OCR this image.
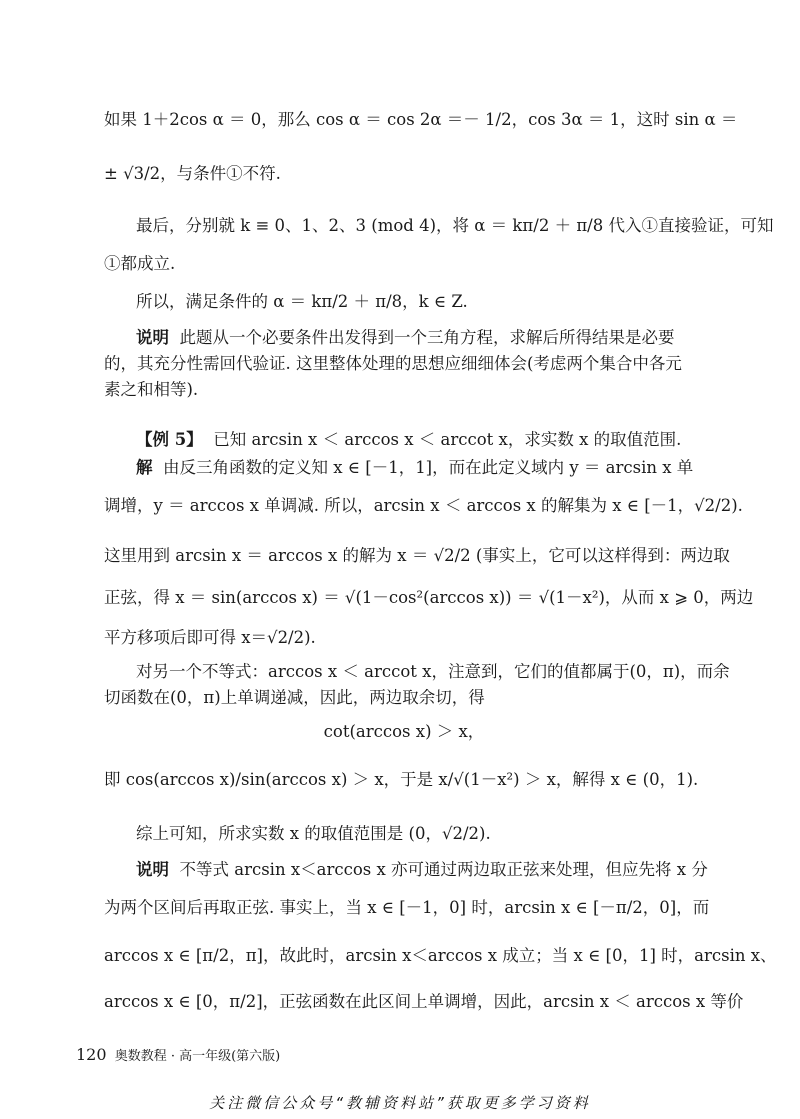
如果 1＋2cos α ＝ 0，那么 cos α ＝ cos 2α ＝－ 1/2，cos 3α ＝ 1，这时 sin α ＝
± √3/2，与条件①不符.
最后，分别就 k ≡ 0、1、2、3 (mod 4)，将 α ＝ kπ/2 ＋ π/8 代入①直接验证，可知
①都成立.
所以，满足条件的 α ＝ kπ/2 ＋ π/8，k ∈ Z.
说明 此题从一个必要条件出发得到一个三角方程，求解后所得结果是必要
的，其充分性需回代验证. 这里整体处理的思想应细细体会(考虑两个集合中各元
素之和相等).
【例 5】 已知 arcsin x ＜ arccos x ＜ arccot x，求实数 x 的取值范围.
解 由反三角函数的定义知 x ∈ [－1，1]，而在此定义域内 y ＝ arcsin x 单
调增，y ＝ arccos x 单调减. 所以，arcsin x ＜ arccos x 的解集为 x ∈ [－1，√2/2).
这里用到 arcsin x ＝ arccos x 的解为 x ＝ √2/2 (事实上，它可以这样得到：两边取
正弦，得 x ＝ sin(arccos x) ＝ √(1－cos²(arccos x)) ＝ √(1－x²)，从而 x ⩾ 0，两边
平方移项后即可得 x＝√2/2).
对另一个不等式：arccos x ＜ arccot x，注意到，它们的值都属于(0，π)，而余
切函数在(0，π)上单调递减，因此，两边取余切，得
cot(arccos x) ＞ x，
即 cos(arccos x)/sin(arccos x) ＞ x，于是 x/√(1－x²) ＞ x，解得 x ∈ (0，1).
综上可知，所求实数 x 的取值范围是 (0，√2/2).
说明 不等式 arcsin x＜arccos x 亦可通过两边取正弦来处理，但应先将 x 分
为两个区间后再取正弦. 事实上，当 x ∈ [－1，0] 时，arcsin x ∈ [－π/2，0]，而
arccos x ∈ [π/2，π]，故此时，arcsin x＜arccos x 成立；当 x ∈ [0，1] 时，arcsin x、
arccos x ∈ [0，π/2]，正弦函数在此区间上单调增，因此，arcsin x ＜ arccos x 等价
120 奥数教程 · 高一年级(第六版)
关注微信公众号“教辅资料站”获取更多学习资料
